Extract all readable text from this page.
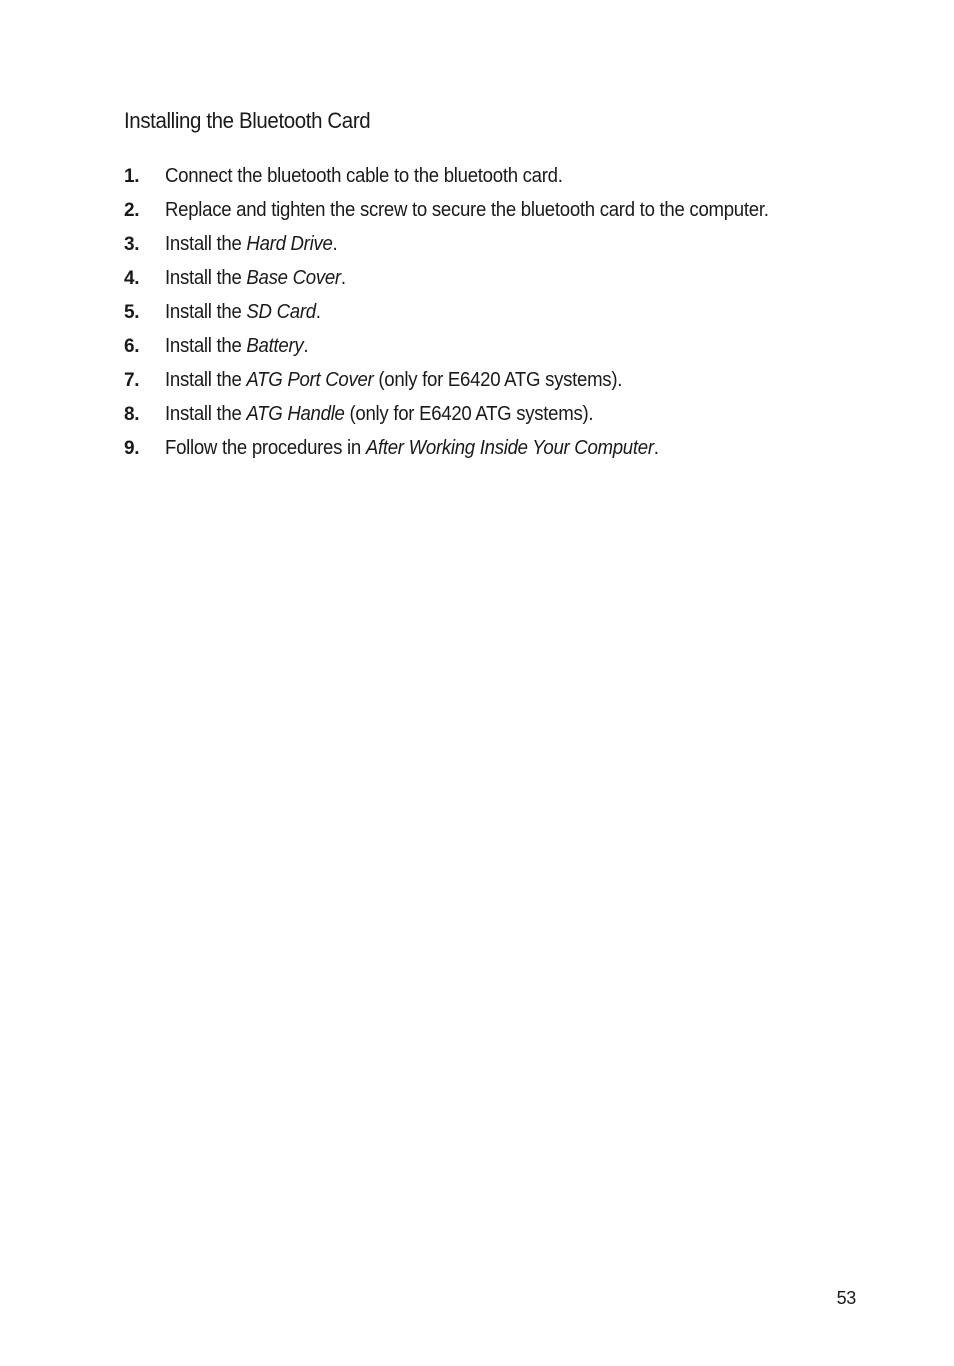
Installing the Bluetooth Card
1. Connect the bluetooth cable to the bluetooth card.
2. Replace and tighten the screw to secure the bluetooth card to the computer.
3. Install the Hard Drive.
4. Install the Base Cover.
5. Install the SD Card.
6. Install the Battery.
7. Install the ATG Port Cover (only for E6420 ATG systems).
8. Install the ATG Handle (only for E6420 ATG systems).
9. Follow the procedures in After Working Inside Your Computer.
53
